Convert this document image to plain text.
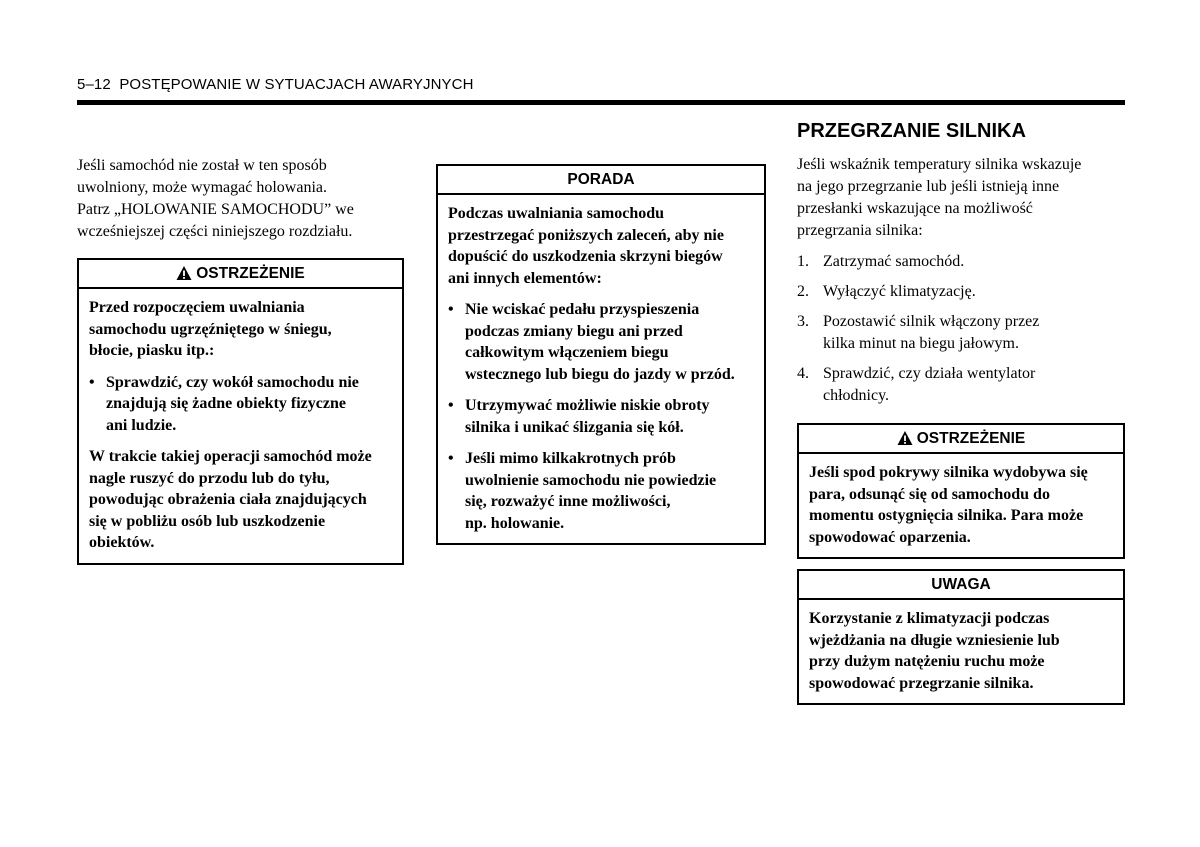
5–12 POSTĘPOWANIE W SYTUACJACH AWARYJNYCH
Jeśli samochód nie został w ten sposób
uwolniony, może wymagać holowania.
Patrz „HOLOWANIE SAMOCHODU” we
wcześniejszej części niniejszego rozdziału.
OSTRZEŻENIE

Przed rozpoczęciem uwalniania
samochodu ugrzęźniętego w śniegu,
błocie, piasku itp.:

• Sprawdzić, czy wokół samochodu nie
znajdują się żadne obiekty fizyczne
ani ludzie.

W trakcie takiej operacji samochód może
nagle ruszyć do przodu lub do tyłu,
powodując obrażenia ciała znajdujących
się w pobliżu osób lub uszkodzenie
obiektów.

PORADA

Podczas uwalniania samochodu
przestrzegać poniższych zaleceń, aby nie
dopuścić do uszkodzenia skrzyni biegów
ani innych elementów:

• Nie wciskać pedału przyspieszenia
podczas zmiany biegu ani przed
całkowitym włączeniem biegu
wstecznego lub biegu do jazdy w przód.
• Utrzymywać możliwie niskie obroty
silnika i unikać ślizgania się kół.
• Jeśli mimo kilkakrotnych prób
uwolnienie samochodu nie powiedzie
się, rozważyć inne możliwości,
np. holowanie.
PRZEGRZANIE SILNIKA
Jeśli wskaźnik temperatury silnika wskazuje
na jego przegrzanie lub jeśli istnieją inne
przesłanki wskazujące na możliwość
przegrzania silnika:
1. Zatrzymać samochód.
2. Wyłączyć klimatyzację.
3. Pozostawić silnik włączony przez
kilka minut na biegu jałowym.
4. Sprawdzić, czy działa wentylator
chłodnicy.
OSTRZEŻENIE

Jeśli spod pokrywy silnika wydobywa się
para, odsunąć się od samochodu do
momentu ostygnięcia silnika. Para może
spowodować oparzenia.

UWAGA

Korzystanie z klimatyzacji podczas
wjeżdżania na długie wzniesienie lub
przy dużym natężeniu ruchu może
spowodować przegrzanie silnika.
